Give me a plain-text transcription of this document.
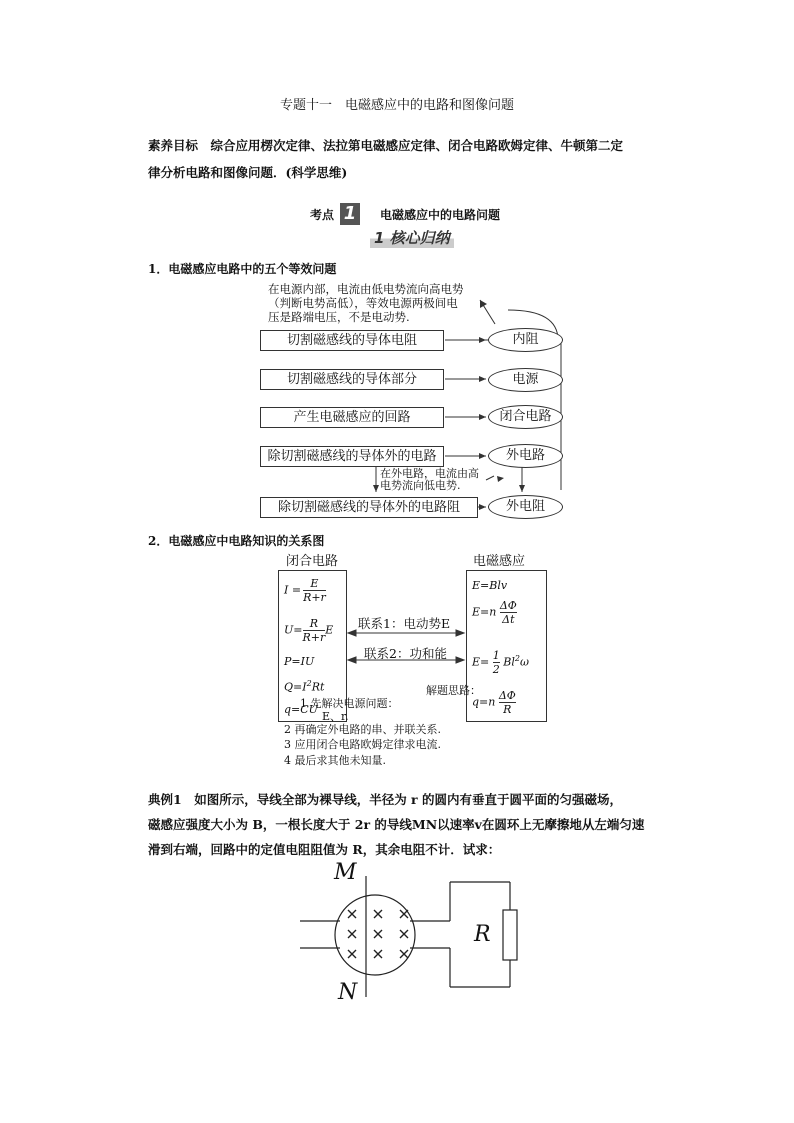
专题十一　电磁感应中的电路和图像问题
素养目标　综合应用楞次定律、法拉第电磁感应定律、闭合电路欧姆定律、牛顿第二定
律分析电路和图像问题．(科学思维)
考点 1	电磁感应中的电路问题
1 核心归纳
1．电磁感应电路中的五个等效问题
在电源内部，电流由低电势流向高电势
（判断电势高低），等效电源两极间电
压是路端电压，不是电动势.
切割磁感线的导体电阻
切割磁感线的导体部分
产生电磁感应的回路
除切割磁感线的导体外的电路
除切割磁感线的导体外的电路阻
内阻
电源
闭合电路
外电路
外电阻
在外电路，电流由高
电势流向低电势.
2．电磁感应中电路知识的关系图
闭合电路	电磁感应
$I = \frac{E}{R+r}$
$U= \frac{R}{R+r}$ E
P=IU
$Q=I^2Rt$
q=CU
E=Blv
$E=n \frac{\Delta\Phi}{\Delta t}$
$E= \frac{1}{2} Bl^2\omega$
$q=n \frac{\Delta\Phi}{R}$
联系1：电动势E
联系2：功和能
解题思路：
1 先解决电源问题：
E、r.
2 再确定外电路的串、并联关系.
3 应用闭合电路欧姆定律求电流.
4 最后求其他未知量.
典例1　如图所示，导线全部为裸导线，半径为 r 的圆内有垂直于圆平面的匀强磁场，
磁感应强度大小为 B，一根长度大于 2r 的导线MN以速率v在圆环上无摩擦地从左端匀速
滑到右端，回路中的定值电阻阻值为 R，其余电阻不计．试求：
M
N
R
